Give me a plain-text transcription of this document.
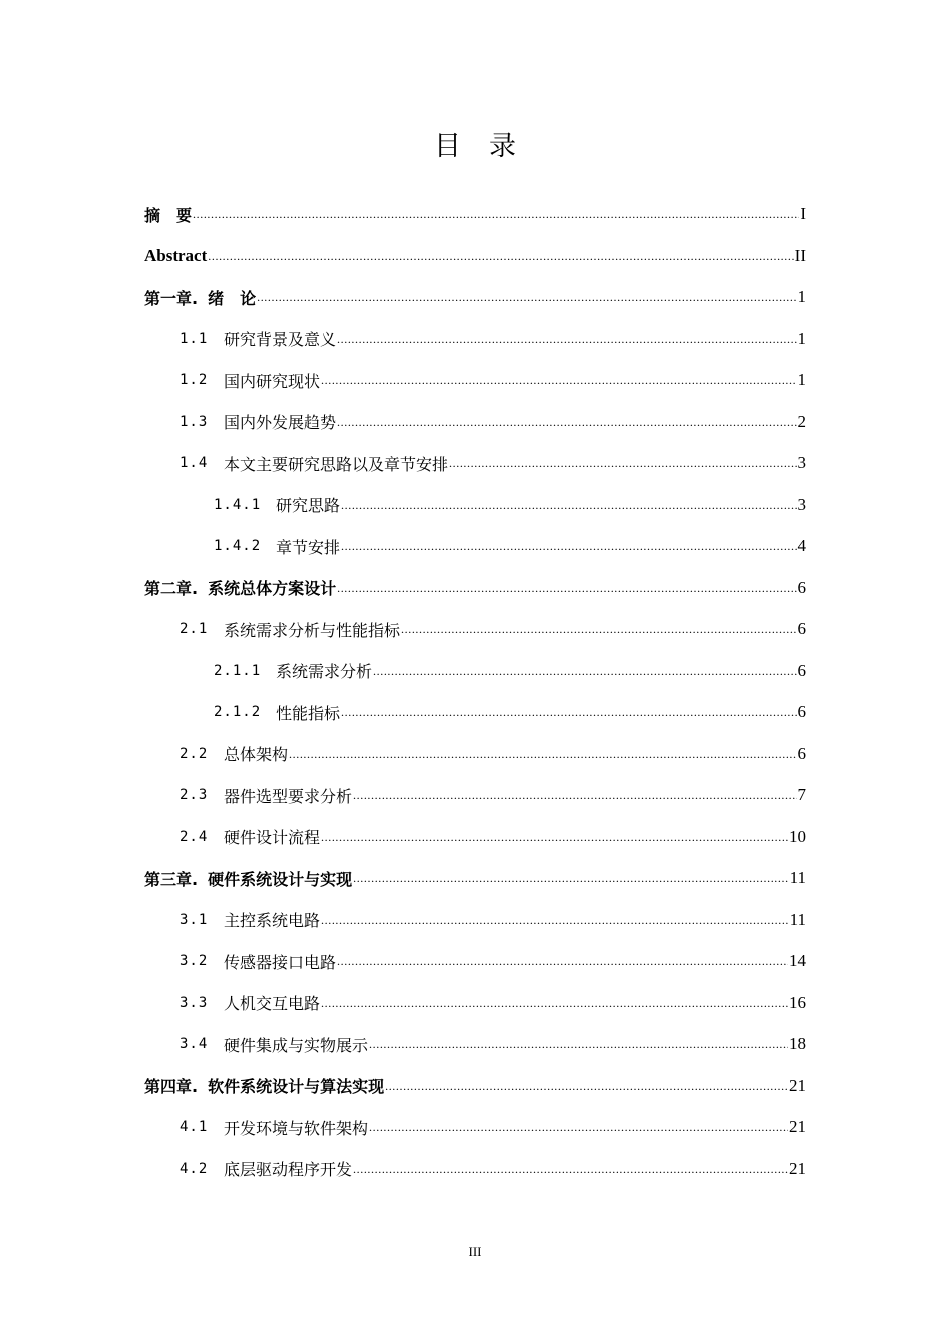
目 录
摘　要 .....	I
Abstract .....	II
第一章. 绪　论 .....	1
1.1 研究背景及意义 .....	1
1.2 国内研究现状 .....	1
1.3 国内外发展趋势 .....	2
1.4 本文主要研究思路以及章节安排 .....	3
1.4.1 研究思路 .....	3
1.4.2 章节安排 .....	4
第二章. 系统总体方案设计 .....	6
2.1 系统需求分析与性能指标 .....	6
2.1.1 系统需求分析 .....	6
2.1.2 性能指标 .....	6
2.2 总体架构 .....	6
2.3 器件选型要求分析 .....	7
2.4 硬件设计流程 .....	10
第三章. 硬件系统设计与实现 .....	11
3.1 主控系统电路 .....	11
3.2 传感器接口电路 .....	14
3.3 人机交互电路 .....	16
3.4 硬件集成与实物展示 .....	18
第四章. 软件系统设计与算法实现 .....	21
4.1 开发环境与软件架构 .....	21
4.2 底层驱动程序开发 .....	21
III
